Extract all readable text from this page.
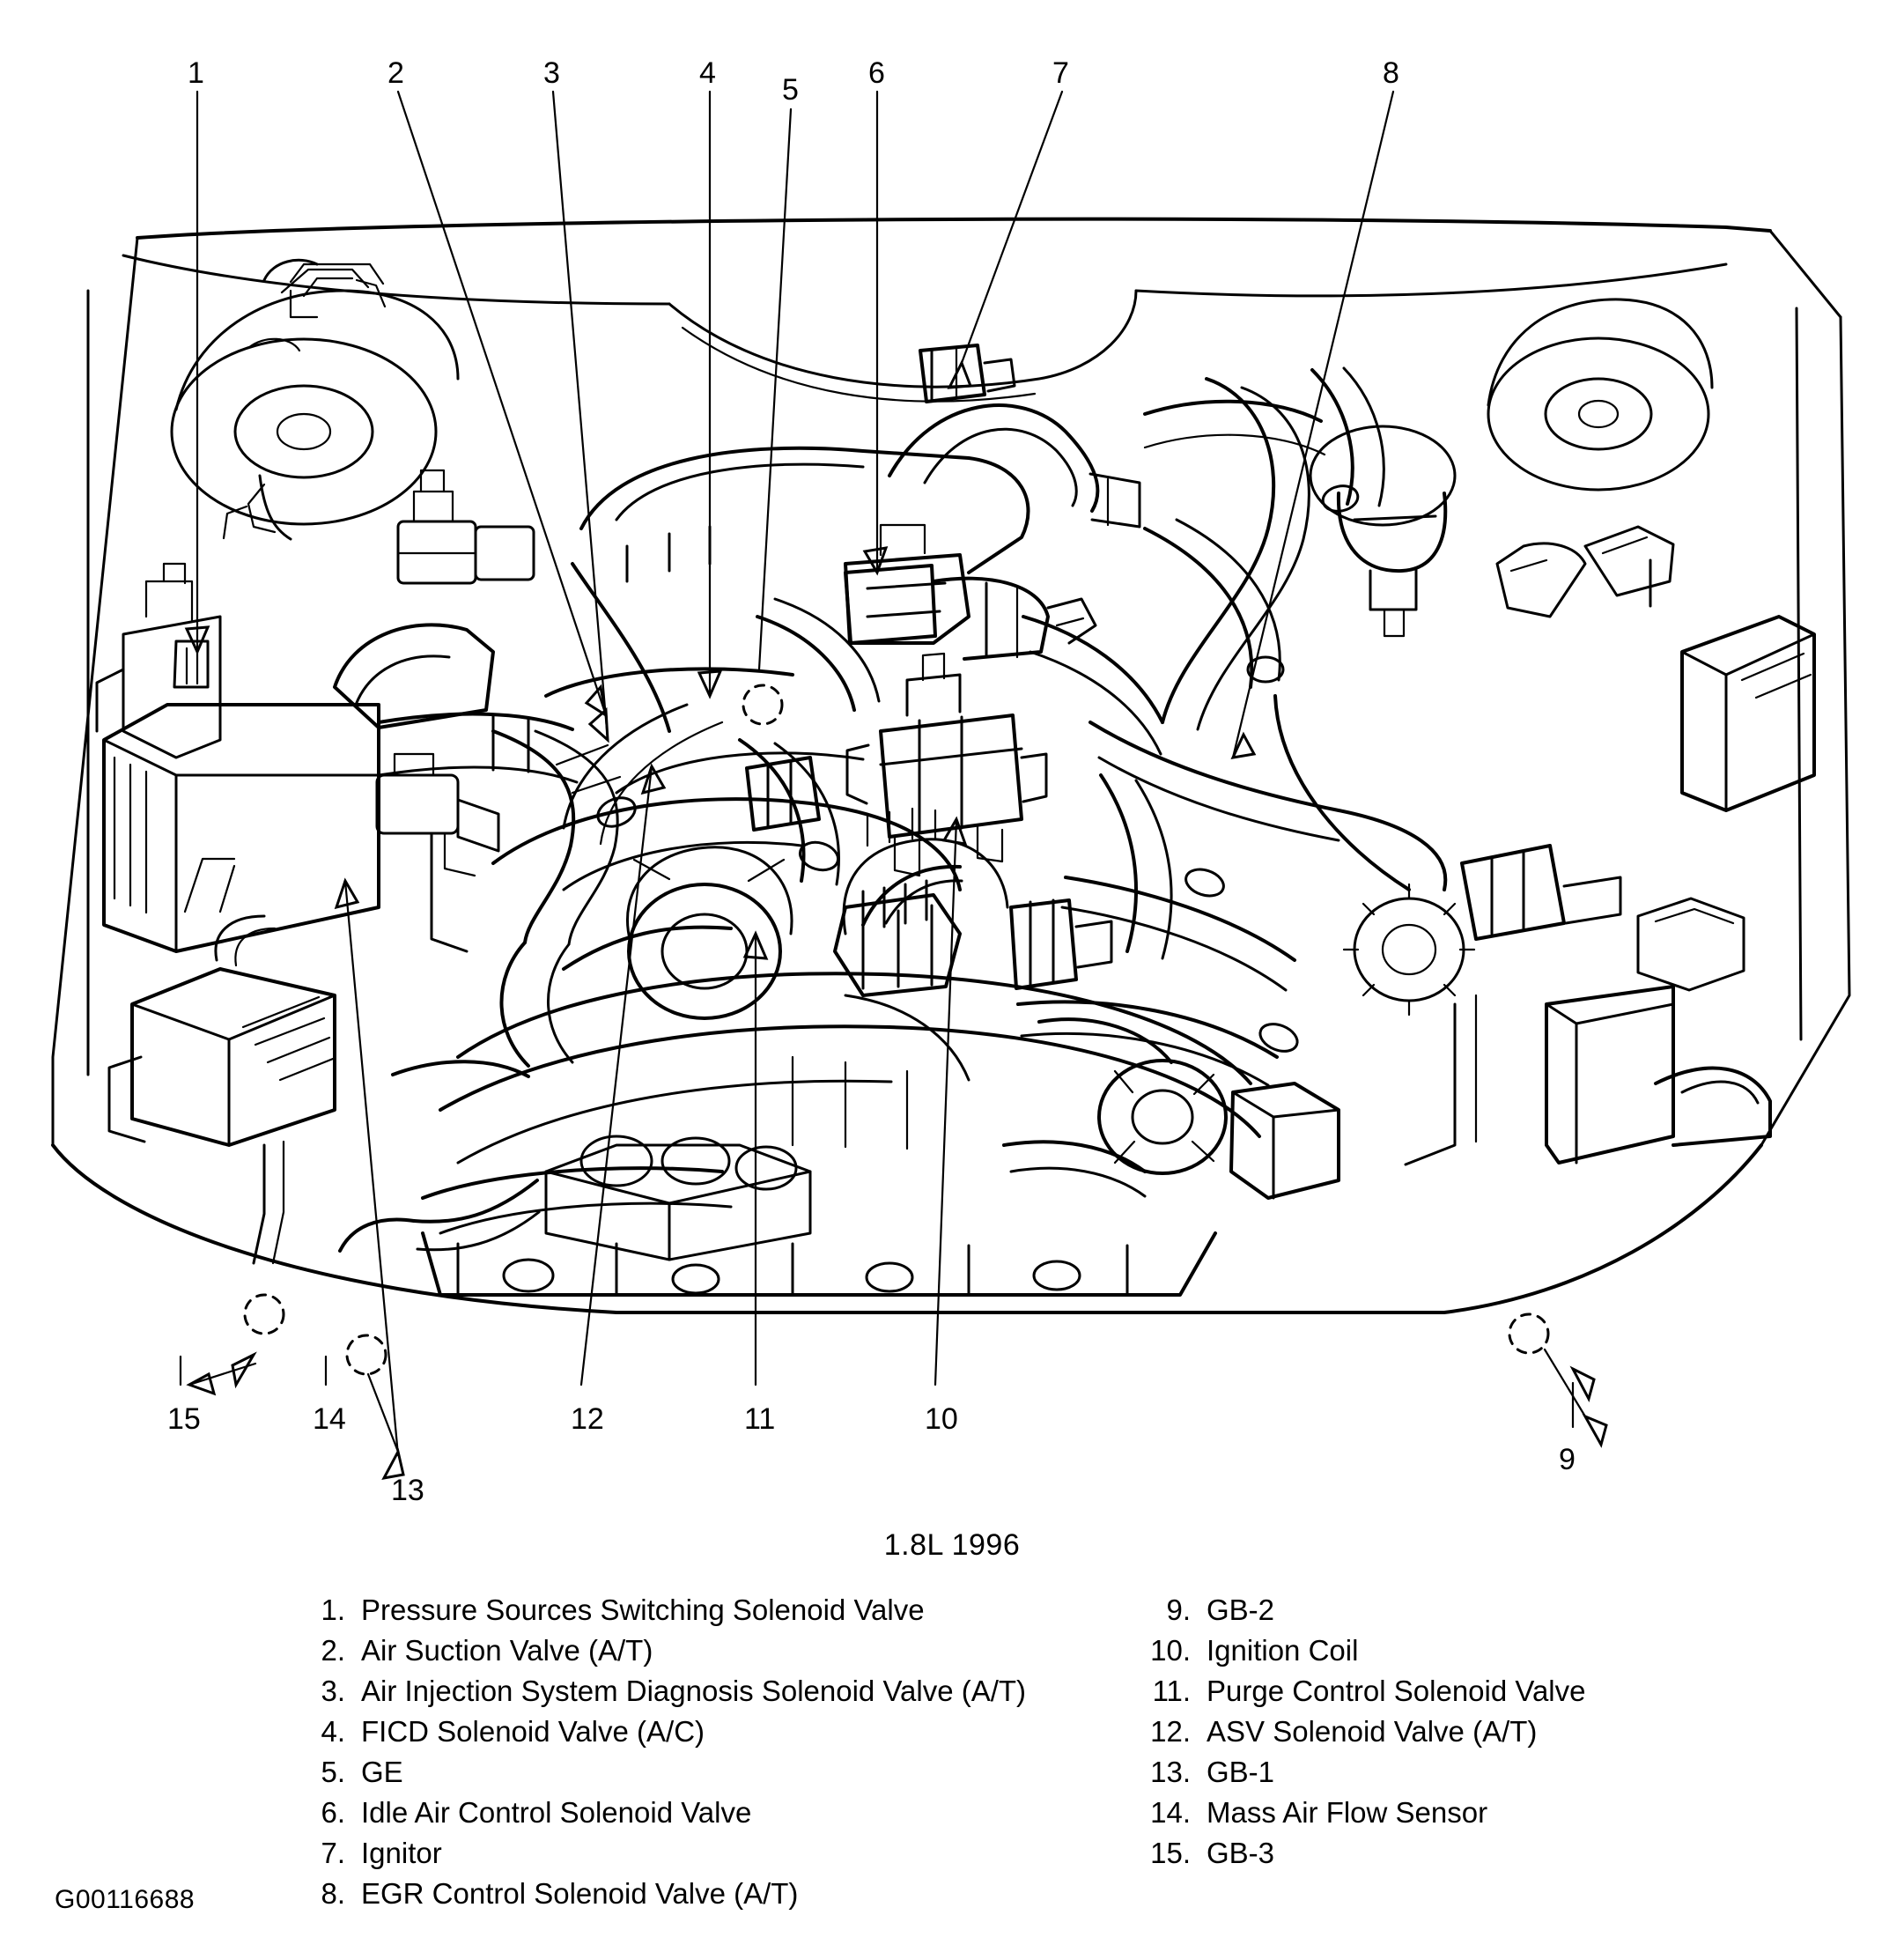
1	2	3	4 5 6	7	8
9
10
11
12
13
14
15
1.8L 1996
1. Pressure Sources Switching Solenoid Valve
2. Air Suction Valve (A/T)
3. Air Injection System Diagnosis Solenoid Valve (A/T)
4. FICD Solenoid Valve (A/C)
5. GE
6. Idle Air Control Solenoid Valve
7. Ignitor
8. EGR Control Solenoid Valve (A/T)
9. GB-2
10. Ignition Coil
11. Purge Control Solenoid Valve
12. ASV Solenoid Valve (A/T)
13. GB-1
14. Mass Air Flow Sensor
15. GB-3
G00116688
